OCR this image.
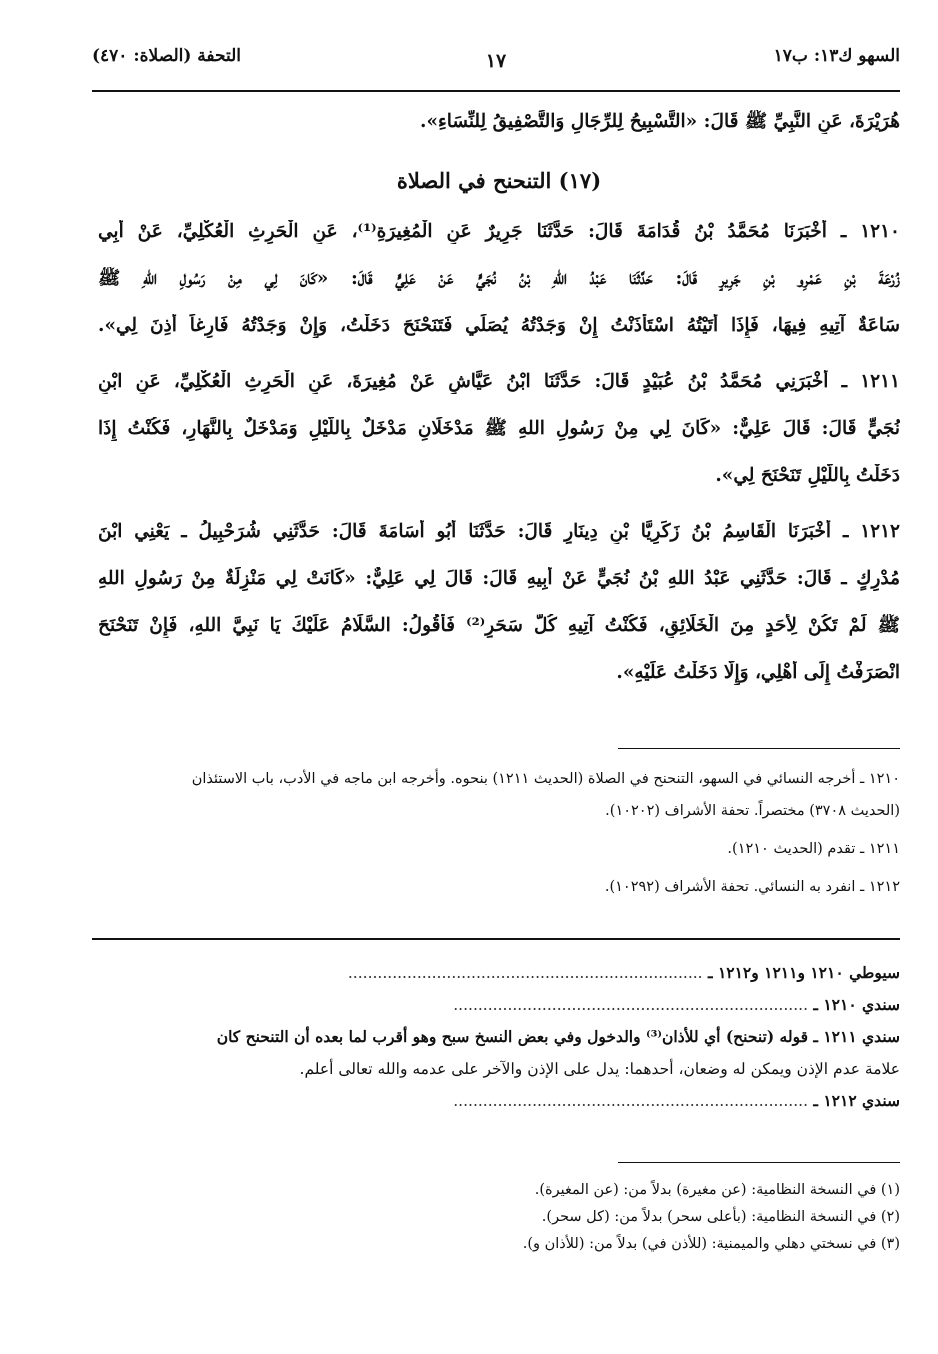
السهو ك١٣: ب١٧
١٧
التحفة (الصلاة: ٤٧٠)
هُرَيْرَةَ، عَنِ النَّبِيِّ ﷺ قَالَ: «التَّسْبِيحُ لِلرِّجَالِ وَالتَّصْفِيقُ لِلنِّسَاءِ».
(١٧) التنحنح في الصلاة
١٢١٠ ـ أَخْبَرَنَا مُحَمَّدُ بْنُ قُدَامَةَ قَالَ: حَدَّثَنَا جَرِيرٌ عَنِ الْمُغِيرَةِ⁽¹⁾، عَنِ الْحَرِثِ الْعُكْلِيِّ، عَنْ أَبِي
زُرْعَةَ بْنِ عَمْرِو بْنِ جَرِيرٍ قَالَ: حَدَّثَنَا عَبْدُ اللهِ بْنُ نُجَيٍّ عَنْ عَلِيٍّ قَالَ: «كَانَ لِي مِنْ رَسُولِ اللهِ ﷺ
سَاعَةٌ آتِيهِ فِيهَا، فَإِذَا أَتَيْتُهُ اسْتَأْذَنْتُ إِنْ وَجَدْتُهُ يُصَلِّي فَتَنَحْنَحَ دَخَلْتُ، وَإِنْ وَجَدْتُهُ فَارِغاً أَذِنَ لِي».
١٢١١ ـ أَخْبَرَنِي مُحَمَّدُ بْنُ عُبَيْدٍ قَالَ: حَدَّثَنَا ابْنُ عَيَّاشٍ عَنْ مُغِيرَةَ، عَنِ الْحَرِثِ الْعُكْلِيِّ، عَنِ ابْنِ
نُجَيٍّ قَالَ: قَالَ عَلِيٌّ: «كَانَ لِي مِنْ رَسُولِ اللهِ ﷺ مَدْخَلَانِ مَدْخَلٌ بِاللَّيْلِ وَمَدْخَلٌ بِالنَّهَارِ، فَكُنْتُ إِذَا
دَخَلْتُ بِاللَّيْلِ تَنَحْنَحَ لِي».
١٢١٢ ـ أَخْبَرَنَا الْقَاسِمُ بْنُ زَكَرِيَّا بْنِ دِينَارٍ قَالَ: حَدَّثَنَا أَبُو أُسَامَةَ قَالَ: حَدَّثَنِي شُرَحْبِيلُ ـ يَعْنِي ابْنَ
مُدْرِكٍ ـ قَالَ: حَدَّثَنِي عَبْدُ اللهِ بْنُ نُجَيٍّ عَنْ أَبِيهِ قَالَ: قَالَ لِي عَلِيٌّ: «كَانَتْ لِي مَنْزِلَةٌ مِنْ رَسُولِ اللهِ
ﷺ لَمْ تَكُنْ لِأَحَدٍ مِنَ الْخَلَائِقِ، فَكُنْتُ آتِيهِ كُلَّ سَحَرٍ⁽²⁾ فَأَقُولُ: السَّلَامُ عَلَيْكَ يَا نَبِيَّ اللهِ، فَإِنْ تَنَحْنَحَ
انْصَرَفْتُ إِلَى أَهْلِي، وَإِلَّا دَخَلْتُ عَلَيْهِ».
١٢١٠ ـ أخرجه النسائي في السهو، التنحنح في الصلاة (الحديث ١٢١١) بنحوه. وأخرجه ابن ماجه في الأدب، باب الاستئذان
(الحديث ٣٧٠٨) مختصراً. تحفة الأشراف (١٠٢٠٢).
١٢١١ ـ تقدم (الحديث ١٢١٠).
١٢١٢ ـ انفرد به النسائي. تحفة الأشراف (١٠٢٩٢).
سيوطي ١٢١٠ و١٢١١ و١٢١٢ ـ ........................................................................
سندي ١٢١٠ ـ ........................................................................
سندي ١٢١١ ـ قوله (تنحنح) أي للأذان⁽³⁾ والدخول وفي بعض النسخ سبح وهو أقرب لما بعده أن التنحنح كان
علامة عدم الإذن ويمكن له وضعان، أحدهما: يدل على الإذن والآخر على عدمه والله تعالى أعلم.
سندي ١٢١٢ ـ ........................................................................
(١) في النسخة النظامية: (عن مغيرة) بدلاً من: (عن المغيرة).
(٢) في النسخة النظامية: (بأعلى سحر) بدلاً من: (كل سحر).
(٣) في نسختي دهلي والميمنية: (للأذن في) بدلاً من: (للأذان و).
